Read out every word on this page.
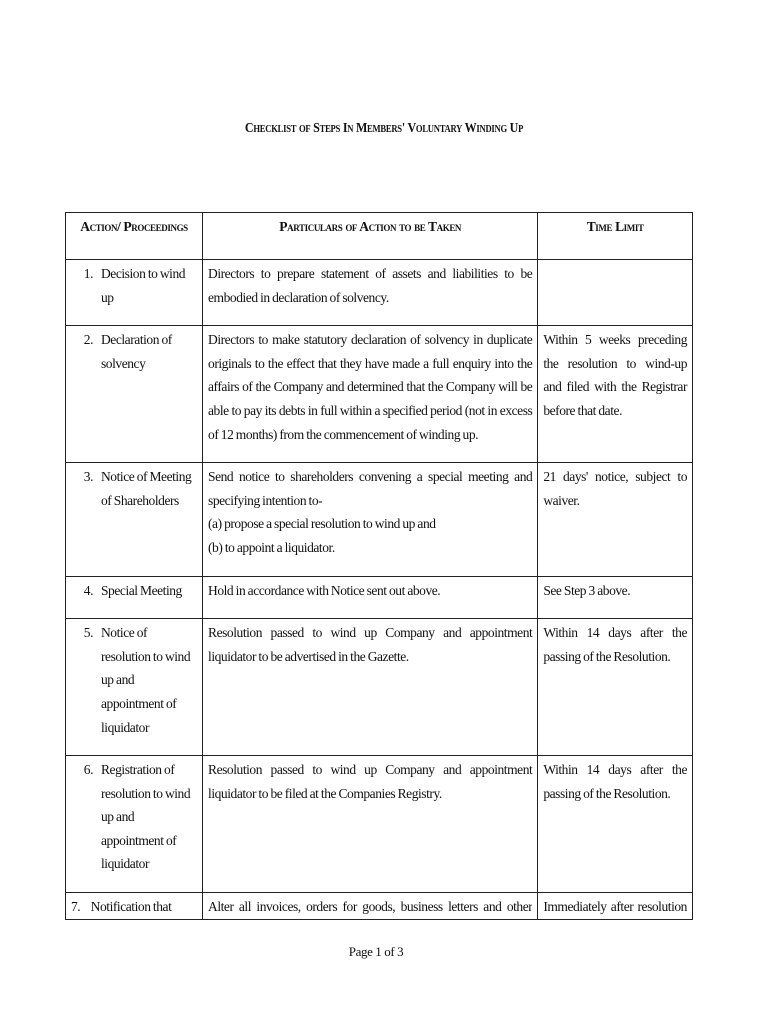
Checklist of Steps In Members' Voluntary Winding Up
Action/ Proceedings	Particulars of Action to be Taken	Time Limit

1. Decision to wind up	Directors to prepare statement of assets and liabilities to be embodied in declaration of solvency.	

2. Declaration of solvency	Directors to make statutory declaration of solvency in duplicate originals to the effect that they have made a full enquiry into the affairs of the Company and determined that the Company will be able to pay its debts in full within a specified period (not in excess of 12 months) from the commencement of winding up.	Within 5 weeks preceding the resolution to wind-up and filed with the Registrar before that date.

3. Notice of Meeting of Shareholders	Send notice to shareholders convening a special meeting and specifying intention to-
(a) propose a special resolution to wind up and
(b) to appoint a liquidator.	21 days' notice, subject to waiver.

4. Special Meeting	Hold in accordance with Notice sent out above.	See Step 3 above.

5. Notice of resolution to wind up and appointment of liquidator	Resolution passed to wind up Company and appointment liquidator to be advertised in the Gazette.	Within 14 days after the passing of the Resolution.

6. Registration of resolution to wind up and appointment of liquidator	Resolution passed to wind up Company and appointment liquidator to be filed at the Companies Registry.	Within 14 days after the passing of the Resolution.

7. Notification that	Alter all invoices, orders for goods, business letters and other	Immediately after resolution
Page 1 of 3
